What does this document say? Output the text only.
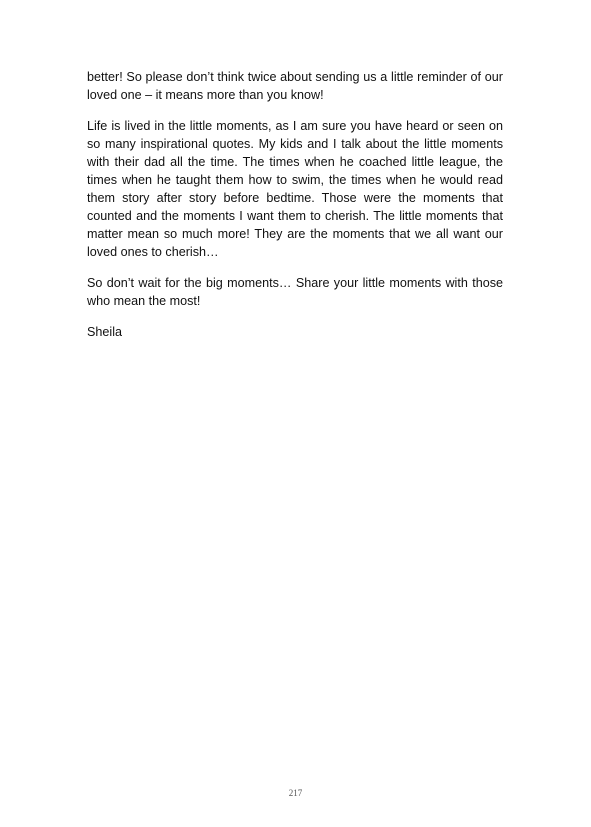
better! So please don’t think twice about sending us a little reminder of our loved one – it means more than you know!

Life is lived in the little moments, as I am sure you have heard or seen on so many inspirational quotes. My kids and I talk about the little moments with their dad all the time. The times when he coached little league, the times when he taught them how to swim, the times when he would read them story after story before bedtime. Those were the moments that counted and the moments I want them to cherish. The little moments that matter mean so much more! They are the moments that we all want our loved ones to cherish…

So don’t wait for the big moments… Share your little moments with those who mean the most!

Sheila

217
